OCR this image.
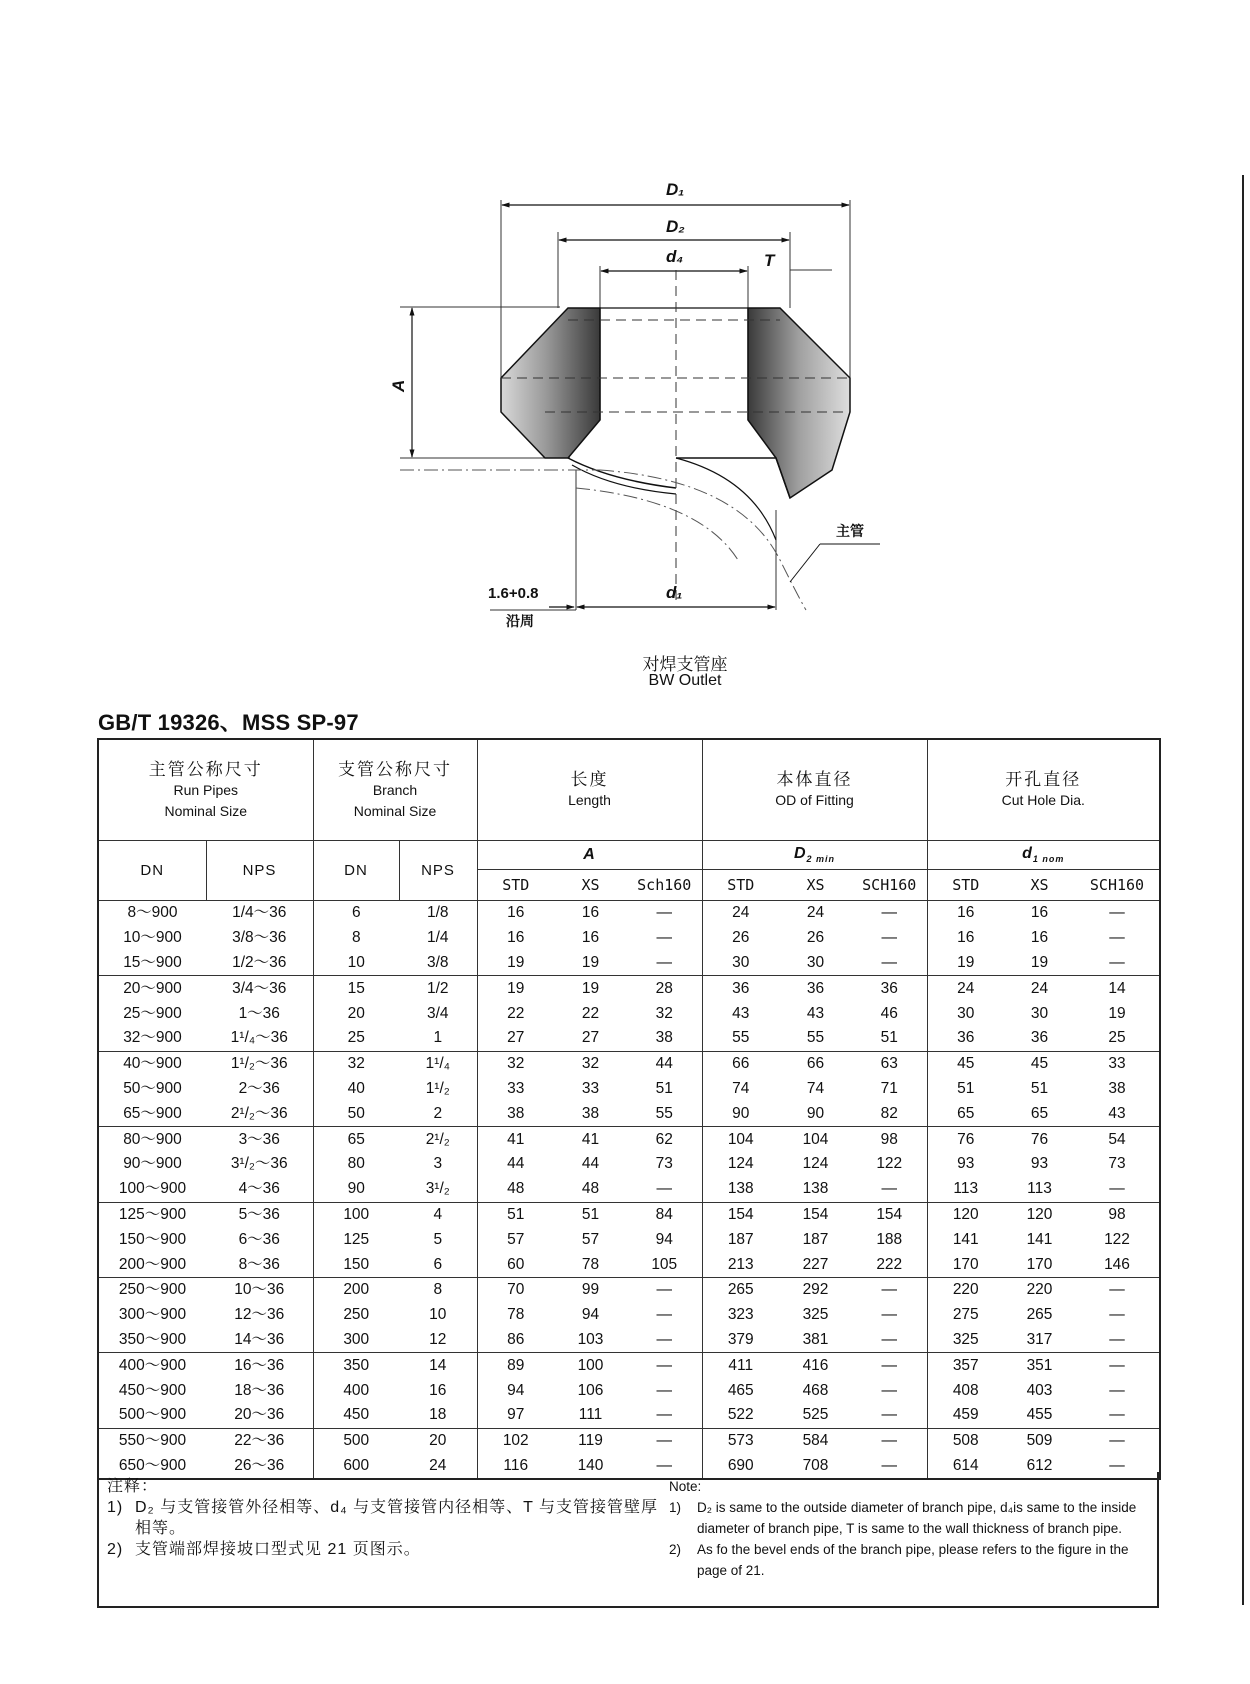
D₁
D₂
d₄	T
A
d₁
1.6+0.8
沿周
主管
对焊支管座
BW Outlet
GB/T 19326、MSS SP-97
主管公称尺寸
Run Pipes
Nominal Size		支管公称尺寸
Branch
Nominal Size		长度
Length			本体直径
OD of Fitting			开孔直径
Cut Hole Dia.		
DN	NPS	DN	NPS	A			$D_{2 min}$			$d_{1 nom}$
				STD	XS	Sch160	STD	XS	SCH160	STD	XS	SCH160
8～900	1/4～36	6	1/8	16	16	—	24	24	—	16	16	—
10～900	3/8～36	8	1/4	16	16	—	26	26	—	16	16	—
15～900	1/2～36	10	3/8	19	19	—	30	30	—	19	19	—
20～900	3/4～36	15	1/2	19	19	28	36	36	36	24	24	14
25～900	1～36	20	3/4	22	22	32	43	43	46	30	30	19
32～900	1¹/₄～36	25	1	27	27	38	55	55	51	36	36	25
40～900	1¹/₂～36	32	1¹/₄	32	32	44	66	66	63	45	45	33
50～900	2～36	40	1¹/₂	33	33	51	74	74	71	51	51	38
65～900	2¹/₂～36	50	2	38	38	55	90	90	82	65	65	43
80～900	3～36	65	2¹/₂	41	41	62	104	104	98	76	76	54
90～900	3¹/₂～36	80	3	44	44	73	124	124	122	93	93	73
100～900	4～36	90	3¹/₂	48	48	—	138	138	—	113	113	—
125～900	5～36	100	4	51	51	84	154	154	154	120	120	98
150～900	6～36	125	5	57	57	94	187	187	188	141	141	122
200～900	8～36	150	6	60	78	105	213	227	222	170	170	146
250～900	10～36	200	8	70	99	—	265	292	—	220	220	—
300～900	12～36	250	10	78	94	—	323	325	—	275	265	—
350～900	14～36	300	12	86	103	—	379	381	—	325	317	—
400～900	16～36	350	14	89	100	—	411	416	—	357	351	—
450～900	18～36	400	16	94	106	—	465	468	—	408	403	—
500～900	20～36	450	18	97	111	—	522	525	—	459	455	—
550～900	22～36	500	20	102	119	—	573	584	—	508	509	—
650～900	26～36	600	24	116	140	—	690	708	—	614	612	—
注释：
1) D₂ 与支管接管外径相等、d₄ 与支管接管内径相等、T 与支管接管壁厚相等。
2) 支管端部焊接坡口型式见 21 页图示。
Note:
1)	D₂ is same to the outside diameter of branch pipe, d₄is same to the inside diameter of branch pipe, T is same to the wall thickness of branch pipe.
2)	As fo the bevel ends of the branch pipe, please refers to the figure in the page of 21.
